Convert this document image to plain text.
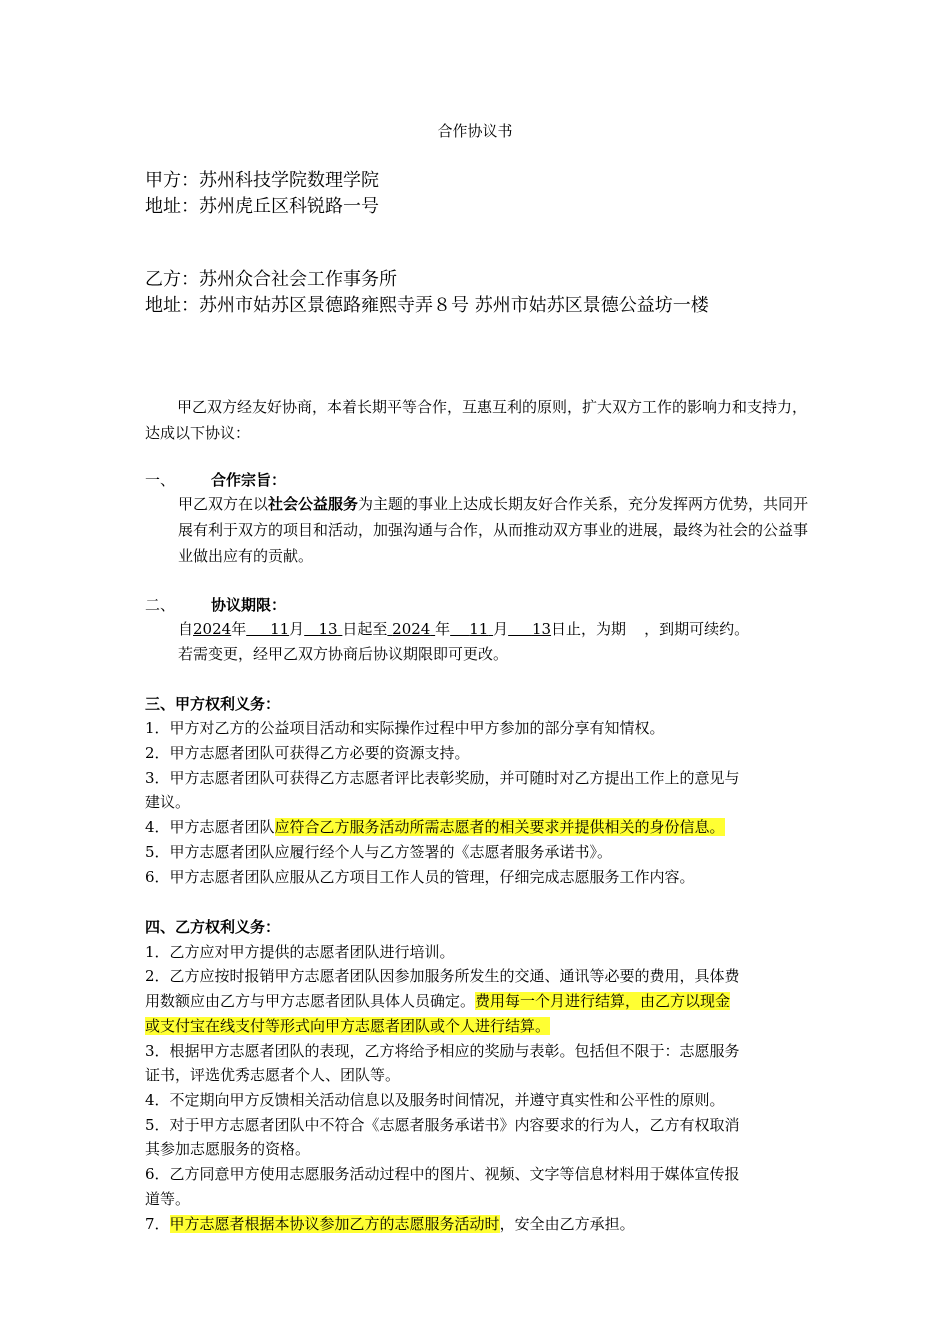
合作协议书
甲方：苏州科技学院数理学院
地址：苏州虎丘区科锐路一号
乙方：苏州众合社会工作事务所
地址：苏州市姑苏区景德路雍熙寺弄８号 苏州市姑苏区景德公益坊一楼
甲乙双方经友好协商，本着长期平等合作，互惠互利的原则，扩大双方工作的影响力和支持力，达成以下协议：
一、 合作宗旨：
甲乙双方在以社会公益服务为主题的事业上达成长期友好合作关系，充分发挥两方优势，共同开展有利于双方的项目和活动，加强沟通与合作，从而推动双方事业的进展，最终为社会的公益事业做出应有的贡献。
二、 协议期限：
自2024年 11月 13 日起至 2024 年 11 月 13日止，为期 ，到期可续约。
若需变更，经甲乙双方协商后协议期限即可更改。
三、甲方权利义务：
1．甲方对乙方的公益项目活动和实际操作过程中甲方参加的部分享有知情权。
2．甲方志愿者团队可获得乙方必要的资源支持。
3．甲方志愿者团队可获得乙方志愿者评比表彰奖励，并可随时对乙方提出工作上的意见与
建议。
4．甲方志愿者团队应符合乙方服务活动所需志愿者的相关要求并提供相关的身份信息。
5．甲方志愿者团队应履行经个人与乙方签署的《志愿者服务承诺书》。
6．甲方志愿者团队应服从乙方项目工作人员的管理，仔细完成志愿服务工作内容。
四、乙方权利义务：
1．乙方应对甲方提供的志愿者团队进行培训。
2．乙方应按时报销甲方志愿者团队因参加服务所发生的交通、通讯等必要的费用，具体费
用数额应由乙方与甲方志愿者团队具体人员确定。费用每一个月进行结算，由乙方以现金
或支付宝在线支付等形式向甲方志愿者团队或个人进行结算。
3．根据甲方志愿者团队的表现，乙方将给予相应的奖励与表彰。包括但不限于：志愿服务
证书，评选优秀志愿者个人、团队等。
4．不定期向甲方反馈相关活动信息以及服务时间情况，并遵守真实性和公平性的原则。
5．对于甲方志愿者团队中不符合《志愿者服务承诺书》内容要求的行为人，乙方有权取消
其参加志愿服务的资格。
6．乙方同意甲方使用志愿服务活动过程中的图片、视频、文字等信息材料用于媒体宣传报
道等。
7．甲方志愿者根据本协议参加乙方的志愿服务活动时，安全由乙方承担。
